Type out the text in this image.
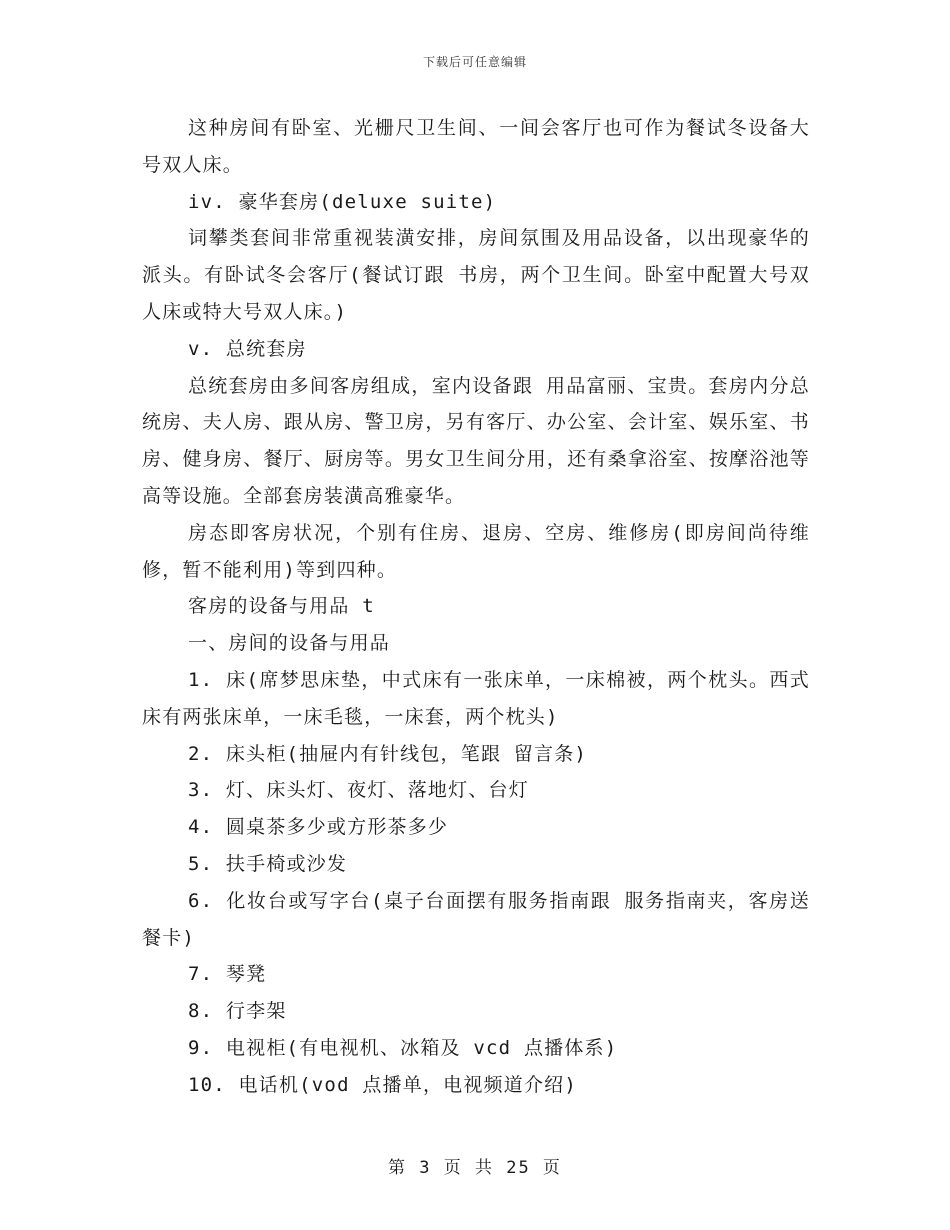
下载后可任意编辑

这种房间有卧室、光栅尺卫生间、一间会客厅也可作为餐试冬设备大号双人床。

iv. 豪华套房(deluxe suite)

词攀类套间非常重视装潢安排，房间氛围及用品设备，以出现豪华的派头。有卧试冬会客厅(餐试订跟 书房，两个卫生间。卧室中配置大号双人床或特大号双人床。)

v. 总统套房

总统套房由多间客房组成，室内设备跟 用品富丽、宝贵。套房内分总统房、夫人房、跟从房、警卫房，另有客厅、办公室、会计室、娱乐室、书房、健身房、餐厅、厨房等。男女卫生间分用，还有桑拿浴室、按摩浴池等高等设施。全部套房装潢高雅豪华。

房态即客房状况，个别有住房、退房、空房、维修房(即房间尚待维修，暂不能利用)等到四种。

客房的设备与用品 t

一、房间的设备与用品

1. 床(席梦思床垫，中式床有一张床单，一床棉被，两个枕头。西式床有两张床单，一床毛毯，一床套，两个枕头)

2. 床头柜(抽屉内有针线包，笔跟 留言条)

3. 灯、床头灯、夜灯、落地灯、台灯

4. 圆桌茶多少或方形茶多少

5. 扶手椅或沙发

6. 化妆台或写字台(桌子台面摆有服务指南跟 服务指南夹，客房送餐卡)

7. 琴凳

8. 行李架

9. 电视柜(有电视机、冰箱及 vcd 点播体系)

10. 电话机(vod 点播单，电视频道介绍)

第 3 页 共 25 页
